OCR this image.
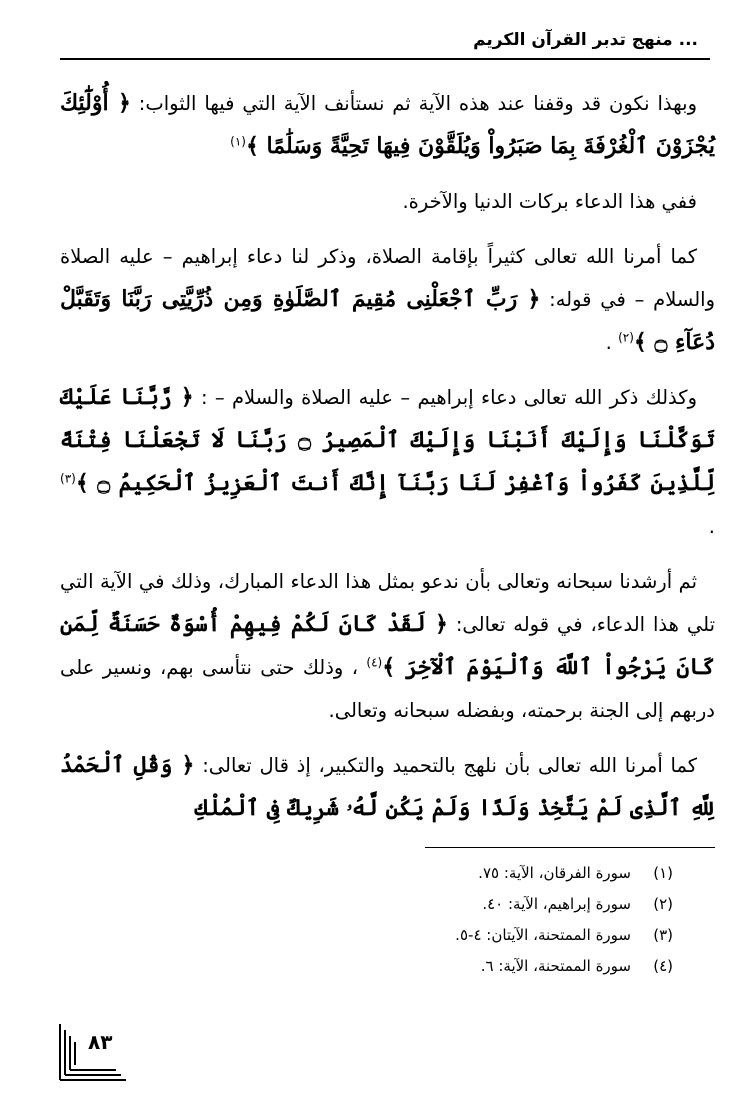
... منهج تدبر القرآن الكريم

وبهذا نكون قد وقفنا عند هذه الآية ثم نستأنف الآية التي فيها الثواب: ﴿ أُوْلَٰٓئِكَ يُجْزَوْنَ ٱلْغُرْفَةَ بِمَا صَبَرُواْ وَيُلَقَّوْنَ فِيهَا تَحِيَّةً وَسَلَٰمًا ﴾$^{(١)}$

ففي هذا الدعاء بركات الدنيا والآخرة.

كما أمرنا الله تعالى كثيراً بإقامة الصلاة، وذكر لنا دعاء إبراهيم – عليه الصلاة والسلام – في قوله: ﴿ رَبِّ ٱجْعَلْنِى مُقِيمَ ٱلصَّلَوٰةِ وَمِن ذُرِّيَّتِى رَبَّنَا وَتَقَبَّلْ دُعَآءِ ۝ ﴾$^{(٢)}$ .

وكذلك ذكر الله تعالى دعاء إبراهيم – عليه الصلاة والسلام – : ﴿ رَّبَّنَا عَلَيْكَ تَوَكَّلْنَا وَإِلَيْكَ أَنَبْنَا وَإِلَيْكَ ٱلْمَصِيرُ ۝ رَبَّنَا لَا تَجْعَلْنَا فِتْنَةً لِّلَّذِينَ كَفَرُواْ وَٱغْفِرْ لَنَا رَبَّنَآ إِنَّكَ أَنتَ ٱلْعَزِيزُ ٱلْحَكِيمُ ۝ ﴾$^{(٣)}$ .

ثم أرشدنا سبحانه وتعالى بأن ندعو بمثل هذا الدعاء المبارك، وذلك في الآية التي تلي هذا الدعاء، في قوله تعالى: ﴿ لَقَدْ كَانَ لَكُمْ فِيهِمْ أُسْوَةٌ حَسَنَةٌ لِّمَن كَانَ يَرْجُواْ ٱللَّهَ وَٱلْيَوْمَ ٱلْآخِرَ ﴾$^{(٤)}$ ، وذلك حتى نتأسى بهم، ونسير على دربهم إلى الجنة برحمته، وبفضله سبحانه وتعالى.

كما أمرنا الله تعالى بأن نلهج بالتحميد والتكبير، إذ قال تعالى: ﴿ وَقُلِ ٱلْحَمْدُ لِلَّهِ ٱلَّذِى لَمْ يَتَّخِذْ وَلَدًا وَلَمْ يَكُن لَّهُۥ شَرِيكٌ فِى ٱلْمُلْكِ

(١)سورة الفرقان، الآية: ٧٥.
(٢)سورة إبراهيم، الآية: ٤٠.
(٣)سورة الممتحنة، الآيتان: ٤-٥.
(٤)سورة الممتحنة، الآية: ٦.
٨٣
